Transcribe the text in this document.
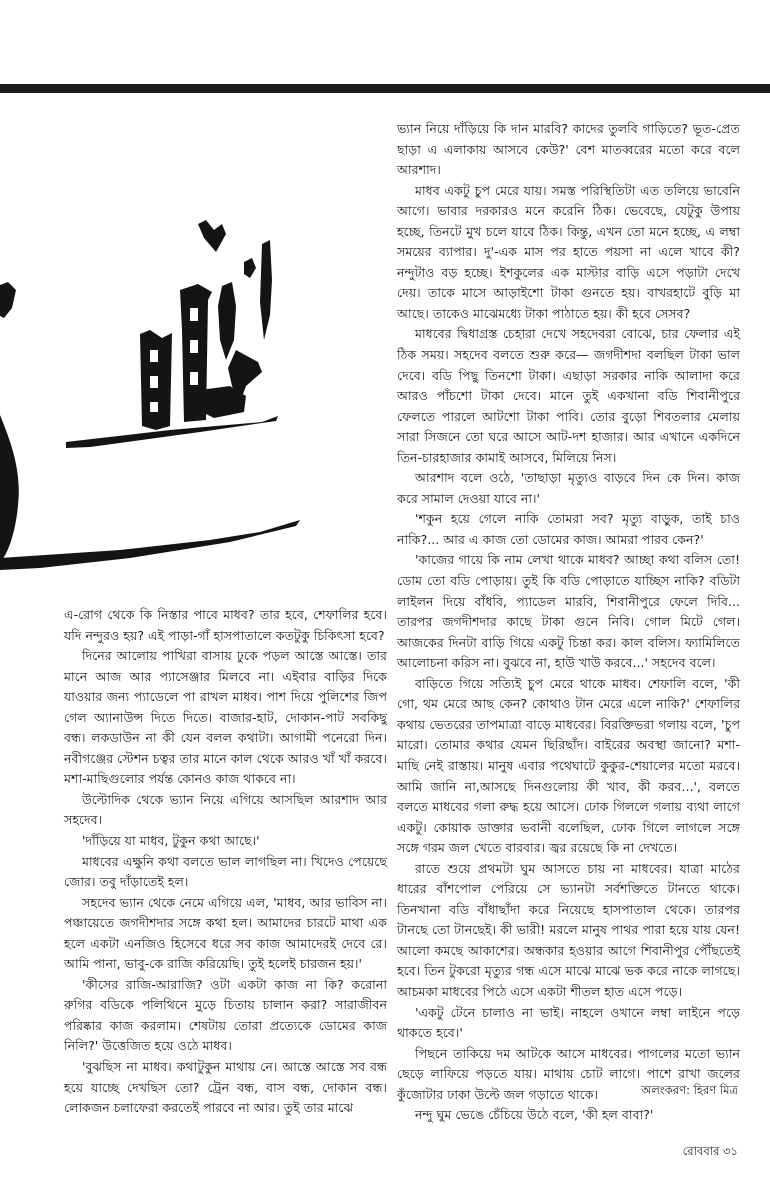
ভ্যান নিয়ে দাঁড়িয়ে কি দান মারবি? কাদের তুলবি গাড়িতে? ভূত-প্রেত ছাড়া এ এলাকায় আসবে কেউ?' বেশ মাতব্বরের মতো করে বলে আরশাদ।

মাধব একটু চুপ মেরে যায়। সমস্ত পরিস্থিতিটা এত তলিয়ে ভাবেনি আগে। ভাবার দরকারও মনে করেনি ঠিক। ভেবেছে, যেটুকু উপায় হচ্ছে, তিনটে মুখ চলে যাবে ঠিক। কিন্তু, এখন তো মনে হচ্ছে, এ লম্বা সময়ের ব্যাপার। দু'-এক মাস পর হাতে পয়সা না এলে খাবে কী? নন্দুটাও বড় হচ্ছে। ইশকুলের এক মাস্টার বাড়ি এসে পড়াটা দেখে দেয়। তাকে মাসে আড়াইশো টাকা গুনতে হয়। বাখরহাটে বুড়ি মা আছে। তাকেও মাঝেমধ্যে টাকা পাঠাতে হয়। কী হবে সেসব?

মাধবের দ্বিধাগ্রস্ত চেহারা দেখে সহদেবরা বোঝে, চার ফেলার এই ঠিক সময়। সহদেব বলতে শুরু করে— জগদীশদা বলছিল টাকা ভাল দেবে। বডি পিছু তিনশো টাকা। এছাড়া সরকার নাকি আলাদা করে আরও পাঁচশো টাকা দেবে। মানে তুই একখানা বডি শিবানীপুরে ফেলতে পারলে আটশো টাকা পাবি। তোর বুড়ো শিবতলার মেলায় সারা সিজনে তো ঘরে আসে আট-দশ হাজার। আর এখানে একদিনে তিন-চারহাজার কামাই আসবে, মিলিয়ে নিস।

আরশাদ বলে ওঠে, 'তাছাড়া মৃত্যুও বাড়বে দিন কে দিন। কাজ করে সামাল দেওয়া যাবে না।'

'শকুন হয়ে গেলে নাকি তোমরা সব? মৃত্যু বাড়ুক, তাই চাও নাকি?... আর এ কাজ তো ডোমের কাজ। আমরা পারব কেন?'

'কাজের গায়ে কি নাম লেখা থাকে মাধব? আচ্ছা কথা বলিস তো! ডোম তো বডি পোড়ায়। তুই কি বডি পোড়াতে যাচ্ছিস নাকি? বডিটা লাইলন দিয়ে বাঁধবি, প্যাডেল মারবি, শিবানীপুরে ফেলে দিবি... তারপর জগদীশদার কাছে টাকা গুনে নিবি। গোল মিটে গেল। আজকের দিনটা বাড়ি গিয়ে একটু চিন্তা কর। কাল বলিস। ফ্যামিলিতে আলোচনা করিস না। বুঝবে না, হাউ খাউ করবে...' সহদেব বলে।

বাড়িতে গিয়ে সত্যিই চুপ মেরে থাকে মাধব। শেফালি বলে, 'কী গো, থম মেরে আছ কেন? কোথাও টান মেরে এলে নাকি?' শেফালির কথায় ভেতরের তাপমাত্রা বাড়ে মাধবের। বিরক্তিভরা গলায় বলে, 'চুপ মারো। তোমার কথার যেমন ছিরিছাঁদ। বাইরের অবস্থা জানো? মশা-মাছি নেই রাস্তায়। মানুষ এবার পথেঘাটে কুকুর-শেয়ালের মতো মরবে। আমি জানি না,আসছে দিনগুলোয় কী খাব, কী করব...', বলতে বলতে মাধবের গলা রুদ্ধ হয়ে আসে। ঢোক গিললে গলায় ব্যথা লাগে একটু। কোয়াক ডাক্তার ভবানী বলেছিল, ঢোক গিলে লাগলে সঙ্গে সঙ্গে গরম জল খেতে বারবার। জ্বর রয়েছে কি না দেখতে।

রাতে শুয়ে প্রথমটা ঘুম আসতে চায় না মাধবের। যাত্রা মাঠের ধারের বাঁশপোল পেরিয়ে সে ভ্যানটা সর্বশক্তিতে টানতে থাকে। তিনখানা বডি বাঁধাছাঁদা করে নিয়েছে হাসপাতাল থেকে। তারপর টানছে তো টানছেই। কী ভারী! মরলে মানুষ পাথর পারা হয়ে যায় যেন! আলো কমছে আকাশের। অন্ধকার হওয়ার আগে শিবানীপুর পৌঁছতেই হবে। তিন টুকরো মৃত্যুর গন্ধ এসে মাঝে মাঝে ভক করে নাকে লাগছে। আচমকা মাধবের পিঠে এসে একটা শীতল হাত এসে পড়ে।

'একটু টেনে চালাও না ভাই। নাহলে ওখানে লম্বা লাইনে পড়ে থাকতে হবে।'

পিছনে তাকিয়ে দম আটকে আসে মাধবের। পাগলের মতো ভ্যান ছেড়ে লাফিয়ে পড়তে যায়। মাথায় চোট লাগে। পাশে রাখা জলের কুঁজোটার ঢাকা উল্টে জল গড়াতে থাকে।

নন্দু ঘুম ভেঙে চেঁচিয়ে উঠে বলে, 'কী হল বাবা?'

এ-রোগ থেকে কি নিস্তার পাবে মাধব? তার হবে, শেফালির হবে। যদি নন্দুরও হয়? এই পাড়া-গাঁ হাসপাতালে কতটুকু চিকিৎসা হবে?

দিনের আলোয় পাখিরা বাসায় ঢুকে পড়ল আস্তে আস্তে। তার মানে আজ আর প্যাসেঞ্জার মিলবে না। এইবার বাড়ির দিকে যাওয়ার জন্য প্যাডেলে পা রাখল মাধব। পাশ দিয়ে পুলিশের জিপ গেল অ্যানাউন্স দিতে দিতে। বাজার-হাট, দোকান-পাট সবকিছু বন্ধ। লকডাউন না কী যেন বলল কথাটা। আগামী পনেরো দিন। নবীগঞ্জের স্টেশন চত্বর তার মানে কাল থেকে আরও খাঁ খাঁ করবে। মশা-মাছিগুলোর পর্যন্ত কোনও কাজ থাকবে না।

উল্টোদিক থেকে ভ্যান নিয়ে এগিয়ে আসছিল আরশাদ আর সহদেব।

'দাঁড়িয়ে যা মাধব, টুকুন কথা আছে।'

মাধবের এক্ষুনি কথা বলতে ভাল লাগছিল না। খিদেও পেয়েছে জোর। তবু দাঁড়াতেই হল।

সহদেব ভ্যান থেকে নেমে এগিয়ে এল, 'মাধব, আর ভাবিস না। পঞ্চায়েতে জগদীশদার সঙ্গে কথা হল। আমাদের চারটে মাথা এক হলে একটা এনজিও হিসেবে ধরে সব কাজ আমাদেরই দেবে রে। আমি পানা, ভাবু-কে রাজি করিয়েছি। তুই হলেই চারজন হয়।'

'কীসের রাজি-আরাজি? ওটা একটা কাজ না কি? করোনা রুগির বডিকে পলিথিনে মুড়ে চিতায় চালান করা? সারাজীবন পরিষ্কার কাজ করলাম। শেষটায় তোরা প্রত্যেকে ডোমের কাজ নিলি?' উত্তেজিত হয়ে ওঠে মাধব।

'বুঝছিস না মাধব। কথাটুকুন মাথায় নে। আস্তে আস্তে সব বন্ধ হয়ে যাচ্ছে দেখছিস তো? ট্রেন বন্ধ, বাস বন্ধ, দোকান বন্ধ। লোকজন চলাফেরা করতেই পারবে না আর। তুই তার মাঝে

অলংকরণ: হিরণ মিত্র
রোববার ৩১
